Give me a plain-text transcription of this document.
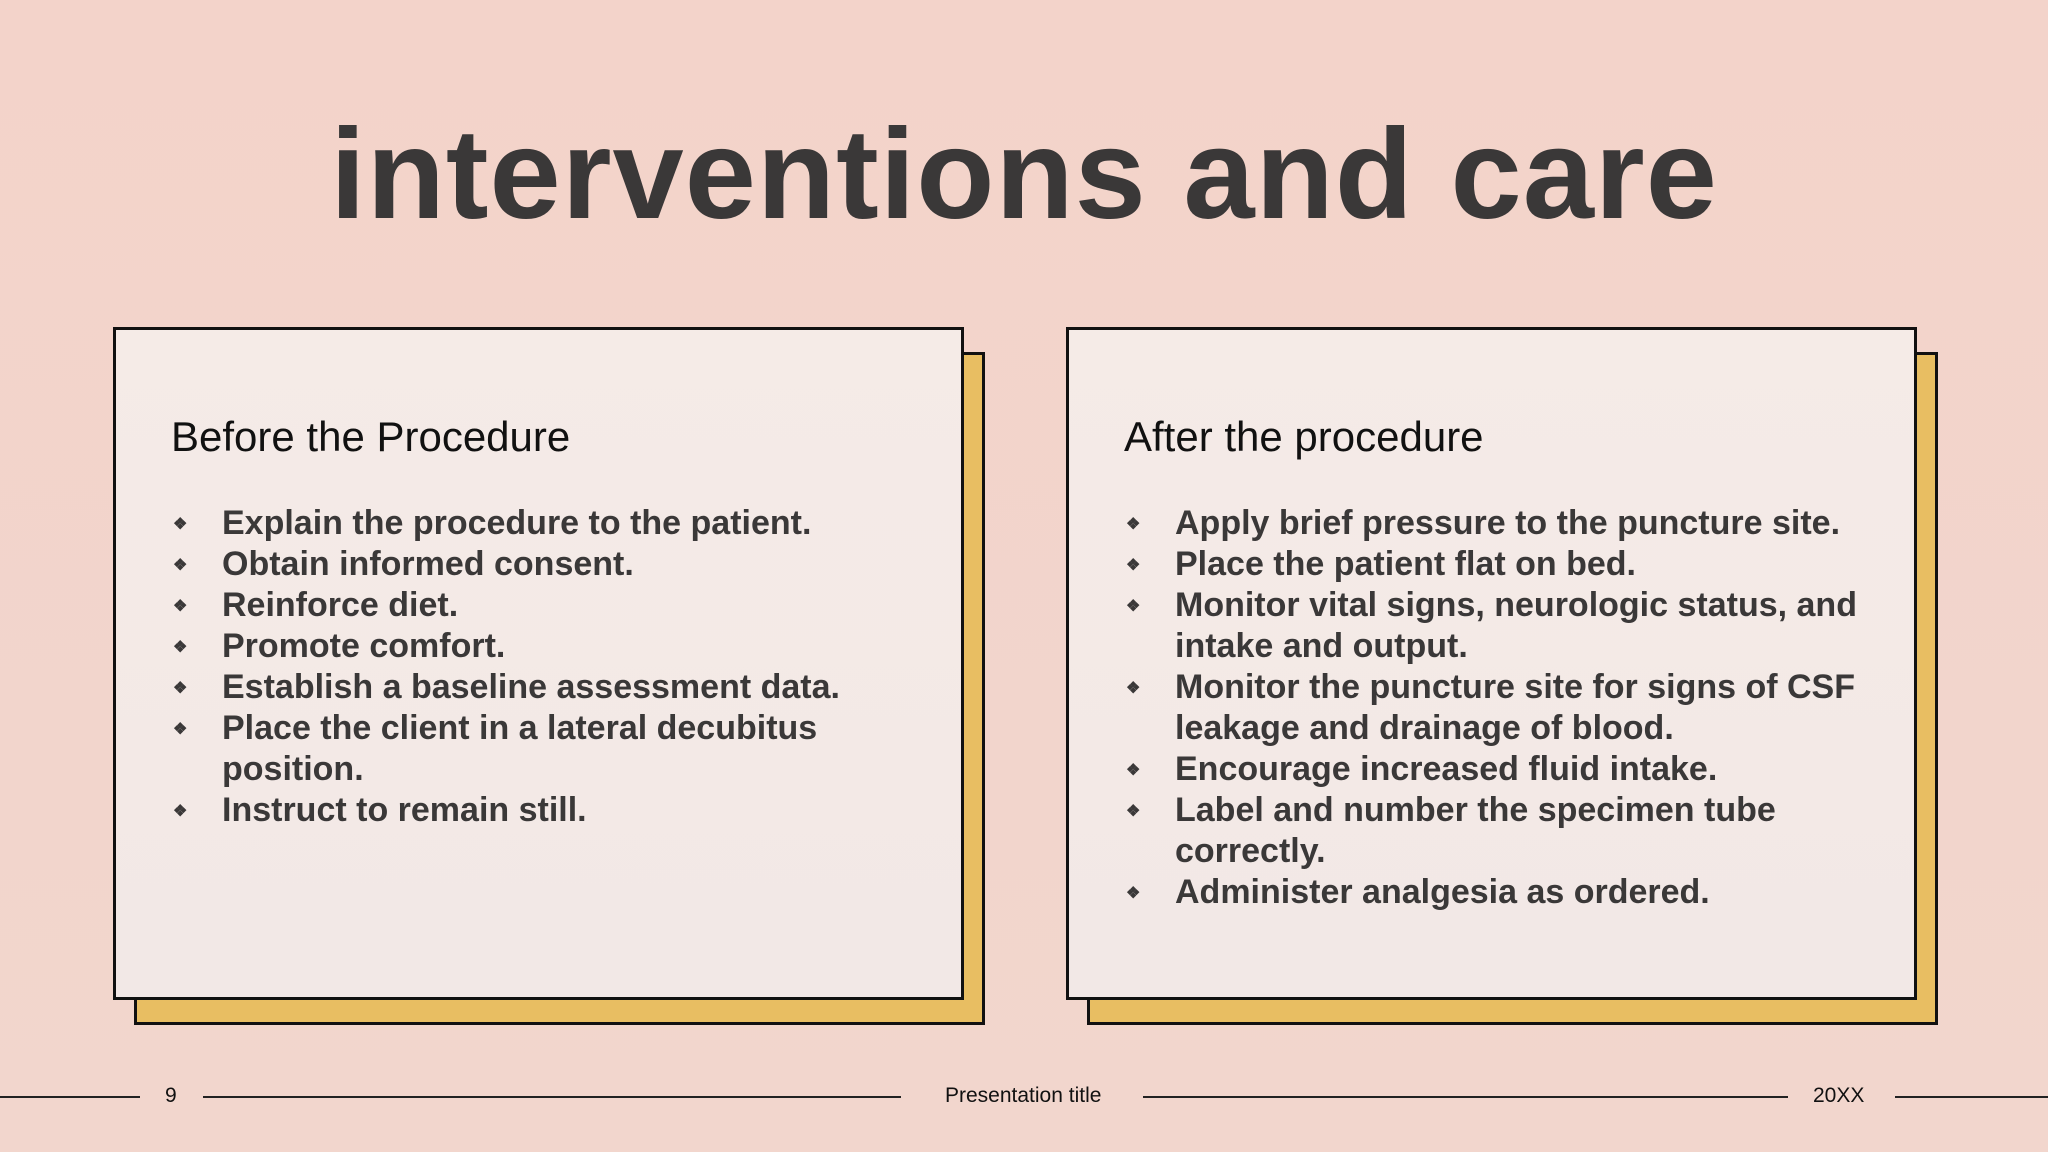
interventions and care
Before the Procedure
❖ Explain the procedure to the patient.
❖ Obtain informed consent.
❖ Reinforce diet.
❖ Promote comfort.
❖ Establish a baseline assessment data.
❖ Place the client in a lateral decubitus position.
❖ Instruct to remain still.
After the procedure
❖ Apply brief pressure to the puncture site.
❖ Place the patient flat on bed.
❖ Monitor vital signs, neurologic status, and intake and output.
❖ Monitor the puncture site for signs of CSF leakage and drainage of blood.
❖ Encourage increased fluid intake.
❖ Label and number the specimen tube correctly.
❖ Administer analgesia as ordered.
9	Presentation title	20XX
